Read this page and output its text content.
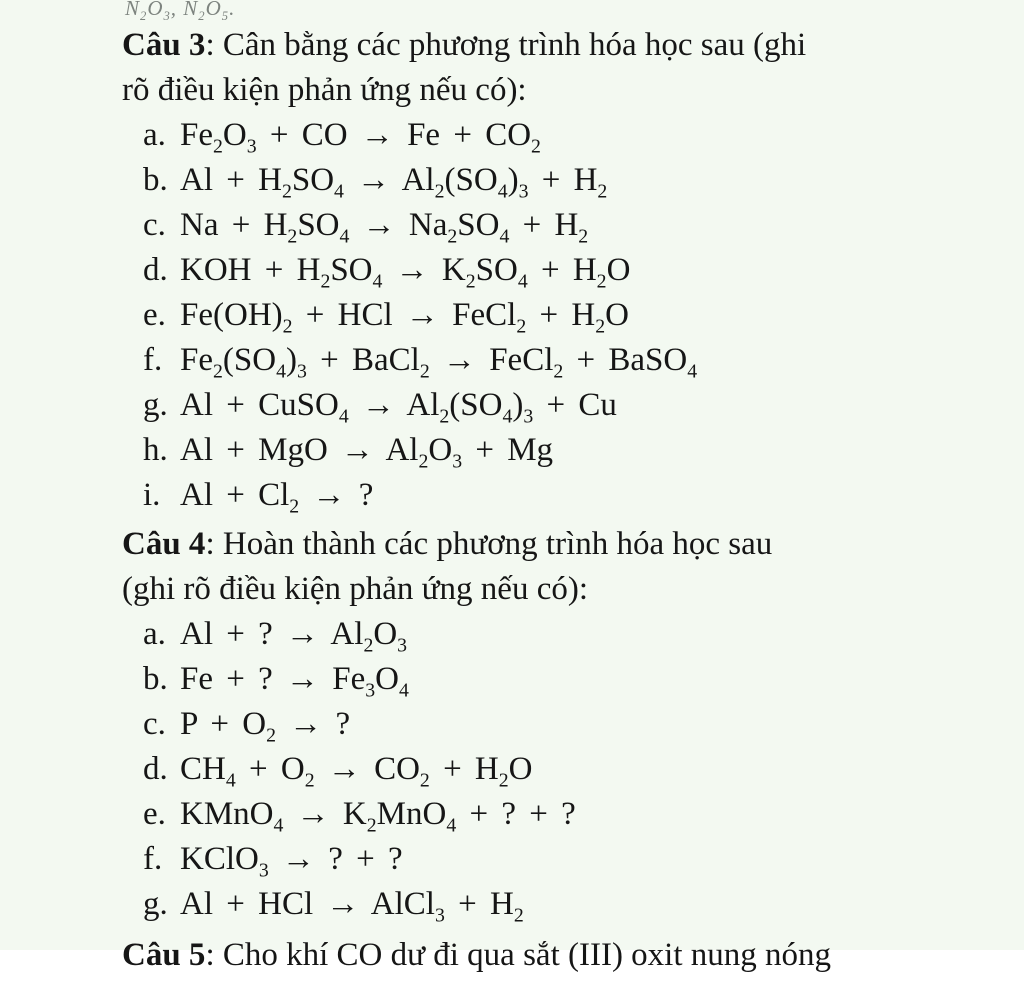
$N_2O_3$, $N_2O_5$.

Câu 3: Cân bằng các phương trình hóa học sau (ghi
rõ điều kiện phản ứng nếu có):

a. $Fe_2O_3$ + CO → $Fe + CO_2$
b. $Al + H_2SO_4 \to Al_2(SO_4)_3 + H_2$
c. $Na + H_2SO_4 \to Na_2SO_4 + H_2$
d. KOH + $H_2SO_4 \to K_2SO_4 + H_2O$
e. $Fe(OH)_2$ + HCl → FeCl$_2$ + $H_2O$
f. $Fe_2(SO_4)_3$ + BaCl$_2$ → FeCl$_2$ + BaSO$_4$
g. Al + CuSO$_4$ → $Al_2(SO_4)_3 + Cu$
h. Al + MgO → $Al_2O_3 + Mg$
i. $Al + Cl_2$ → ?

Câu 4: Hoàn thành các phương trình hóa học sau
(ghi rõ điều kiện phản ứng nếu có):

a. Al + ? → $Al_2O_3$
b. Fe + ? → $Fe_3O_4$
c. $P + O_2$ → ?
d. $CH_4 + O_2 \to CO_2 + H_2O$
e. KMnO$_4$ → $K_2MnO_4$ + ? + ?
f. KClO$_3$ → ? + ?
g. Al + HCl → AlCl$_3$ + $H_2$
Câu 5: Cho khí CO dư đi qua sắt (III) oxit nung nóng
